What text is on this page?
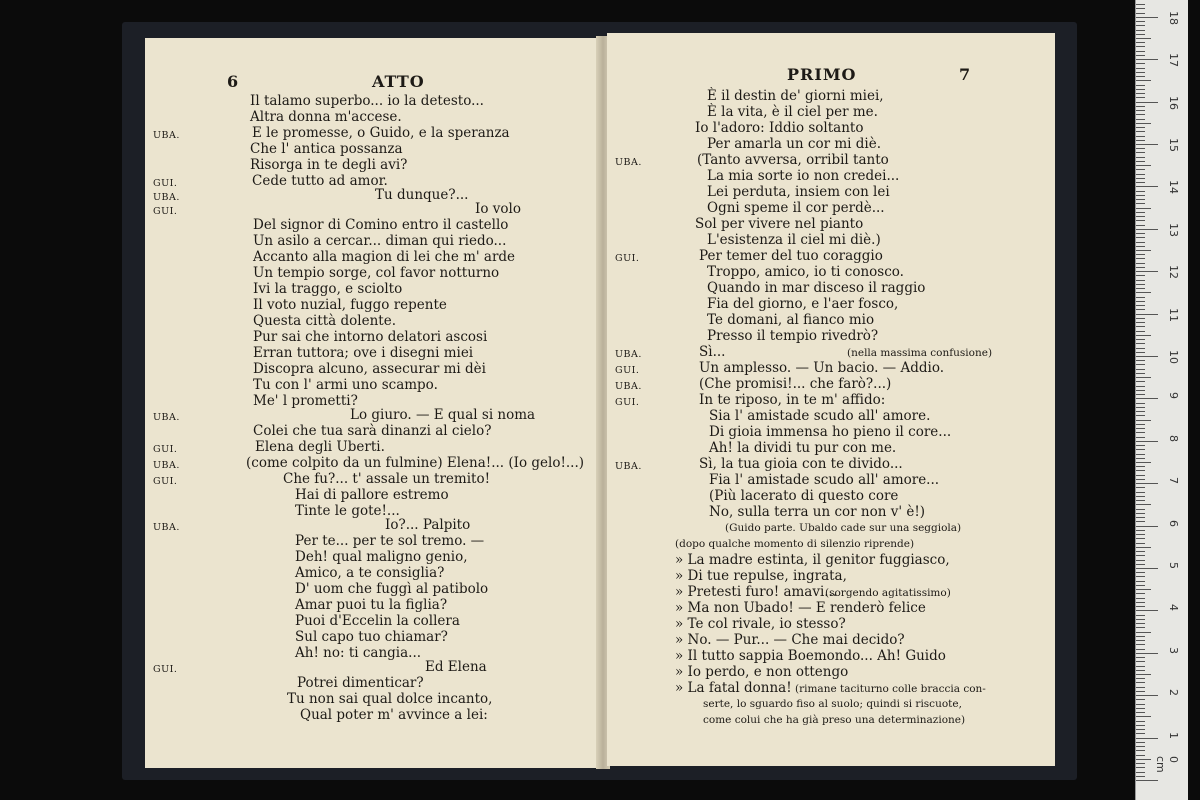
6	ATTO
Il talamo superbo... io la detesto...
Altra donna m'accese.
UBA.	E le promesse, o Guido, e la speranza
Che l' antica possanza
Risorga in te degli avi?
GUI.	Cede tutto ad amor.
UBA.	Tu dunque?...
GUI.	Io volo
Del signor di Comino entro il castello
Un asilo a cercar... diman qui riedo...
Accanto alla magion di lei che m' arde
Un tempio sorge, col favor notturno
Ivi la traggo, e sciolto
Il voto nuzial, fuggo repente
Questa città dolente.
Pur sai che intorno delatori ascosi
Erran tuttora; ove i disegni miei
Discopra alcuno, assecurar mi dèi
Tu con l' armi uno scampo.
Me' l prometti?
UBA.	Lo giuro. — E qual si noma
Colei che tua sarà dinanzi al cielo?
GUI.	Elena degli Uberti.
UBA.	(come colpito da un fulmine) Elena!... (Io gelo!...)
GUI.	Che fu?... t' assale un tremito!
Hai di pallore estremo
Tinte le gote!...
UBA.	Io?... Palpito
Per te... per te sol tremo. —
Deh! qual maligno genio,
Amico, a te consiglia?
D' uom che fuggì al patibolo
Amar puoi tu la figlia?
Puoi d'Eccelin la collera
Sul capo tuo chiamar?
Ah! no: ti cangia...
GUI.	Ed Elena
Potrei dimenticar?
Tu non sai qual dolce incanto,
Qual poter m' avvince a lei:
PRIMO	7
È il destin de' giorni miei,
È la vita, è il ciel per me.
Io l'adoro: Iddio soltanto
Per amarla un cor mi diè.
UBA.	(Tanto avversa, orribil tanto
La mia sorte io non credei...
Lei perduta, insiem con lei
Ogni speme il cor perdè...
Sol per vivere nel pianto
L'esistenza il ciel mi diè.)
GUI.	Per temer del tuo coraggio
Troppo, amico, io ti conosco.
Quando in mar disceso il raggio
Fia del giorno, e l'aer fosco,
Te domani, al fianco mio
Presso il tempio rivedrò?
UBA.	Sì...	(nella massima confusione)
GUI.	Un amplesso. — Un bacio. — Addio.
UBA.	(Che promisi!... che farò?...)
GUI.	In te riposo, in te m' affido:
Sia l' amistade scudo all' amore.
Di gioia immensa ho pieno il core...
Ah! la dividi tu pur con me.
UBA.	Sì, la tua gioia con te divido...
Fia l' amistade scudo all' amore...
(Più lacerato di questo core
No, sulla terra un cor non v' è!)
(Guido parte. Ubaldo cade sur una seggiola)
(dopo qualche momento di silenzio riprende)
» La madre estinta, il genitor fuggiasco,
» Di tue repulse, ingrata,
» Pretesti furo! amavi...
(sorgendo agitatissimo)
» Ma non Ubado! — E renderò felice
» Te col rivale, io stesso?
» No. — Pur... — Che mai decido?
» Il tutto sappia Boemondo... Ah! Guido
» Io perdo, e non ottengo
» La fatal donna! (rimane taciturno colle braccia con-
serte, lo sguardo fiso al suolo; quindi si riscuote,
come colui che ha già preso una determinazione)
0 cm
1
2
3
4
5
6
7
8
9
10
11
12
13
14
15
16
17
18
